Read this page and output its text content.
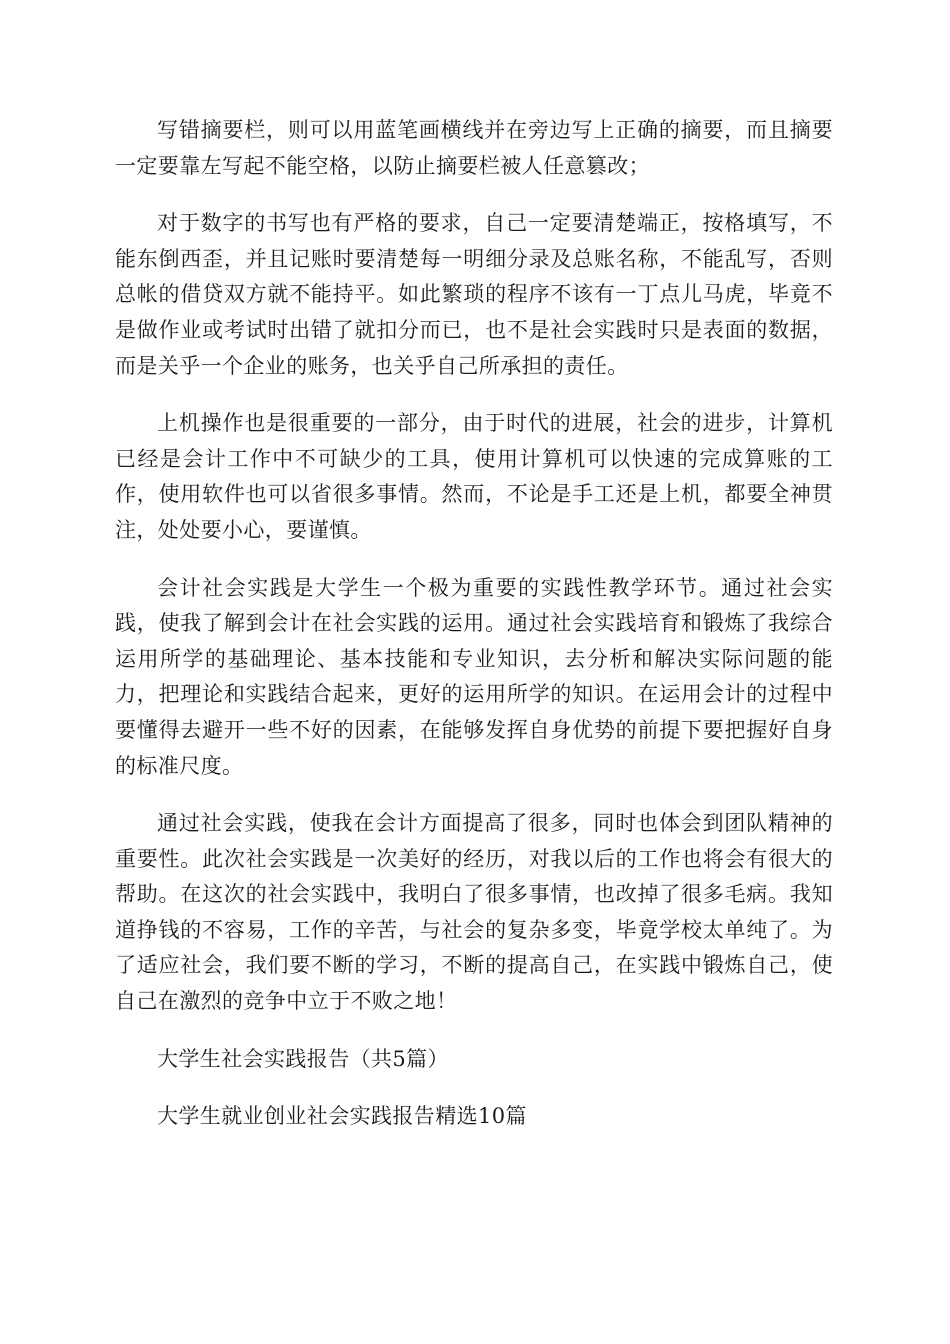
写错摘要栏，则可以用蓝笔画横线并在旁边写上正确的摘要，而且摘要一定要靠左写起不能空格，以防止摘要栏被人任意篡改；

对于数字的书写也有严格的要求，自己一定要清楚端正，按格填写，不能东倒西歪，并且记账时要清楚每一明细分录及总账名称，不能乱写，否则总帐的借贷双方就不能持平。如此繁琐的程序不该有一丁点儿马虎，毕竟不是做作业或考试时出错了就扣分而已，也不是社会实践时只是表面的数据，而是关乎一个企业的账务，也关乎自己所承担的责任。

上机操作也是很重要的一部分，由于时代的进展，社会的进步，计算机已经是会计工作中不可缺少的工具，使用计算机可以快速的完成算账的工作，使用软件也可以省很多事情。然而，不论是手工还是上机，都要全神贯注，处处要小心，要谨慎。

会计社会实践是大学生一个极为重要的实践性教学环节。通过社会实践，使我了解到会计在社会实践的运用。通过社会实践培育和锻炼了我综合运用所学的基础理论、基本技能和专业知识，去分析和解决实际问题的能力，把理论和实践结合起来，更好的运用所学的知识。在运用会计的过程中要懂得去避开一些不好的因素，在能够发挥自身优势的前提下要把握好自身的标准尺度。

通过社会实践，使我在会计方面提高了很多，同时也体会到团队精神的重要性。此次社会实践是一次美好的经历，对我以后的工作也将会有很大的帮助。在这次的社会实践中，我明白了很多事情，也改掉了很多毛病。我知道挣钱的不容易，工作的辛苦，与社会的复杂多变，毕竟学校太单纯了。为了适应社会，我们要不断的学习，不断的提高自己，在实践中锻炼自己，使自己在激烈的竞争中立于不败之地！

大学生社会实践报告（共5篇）

大学生就业创业社会实践报告精选10篇
